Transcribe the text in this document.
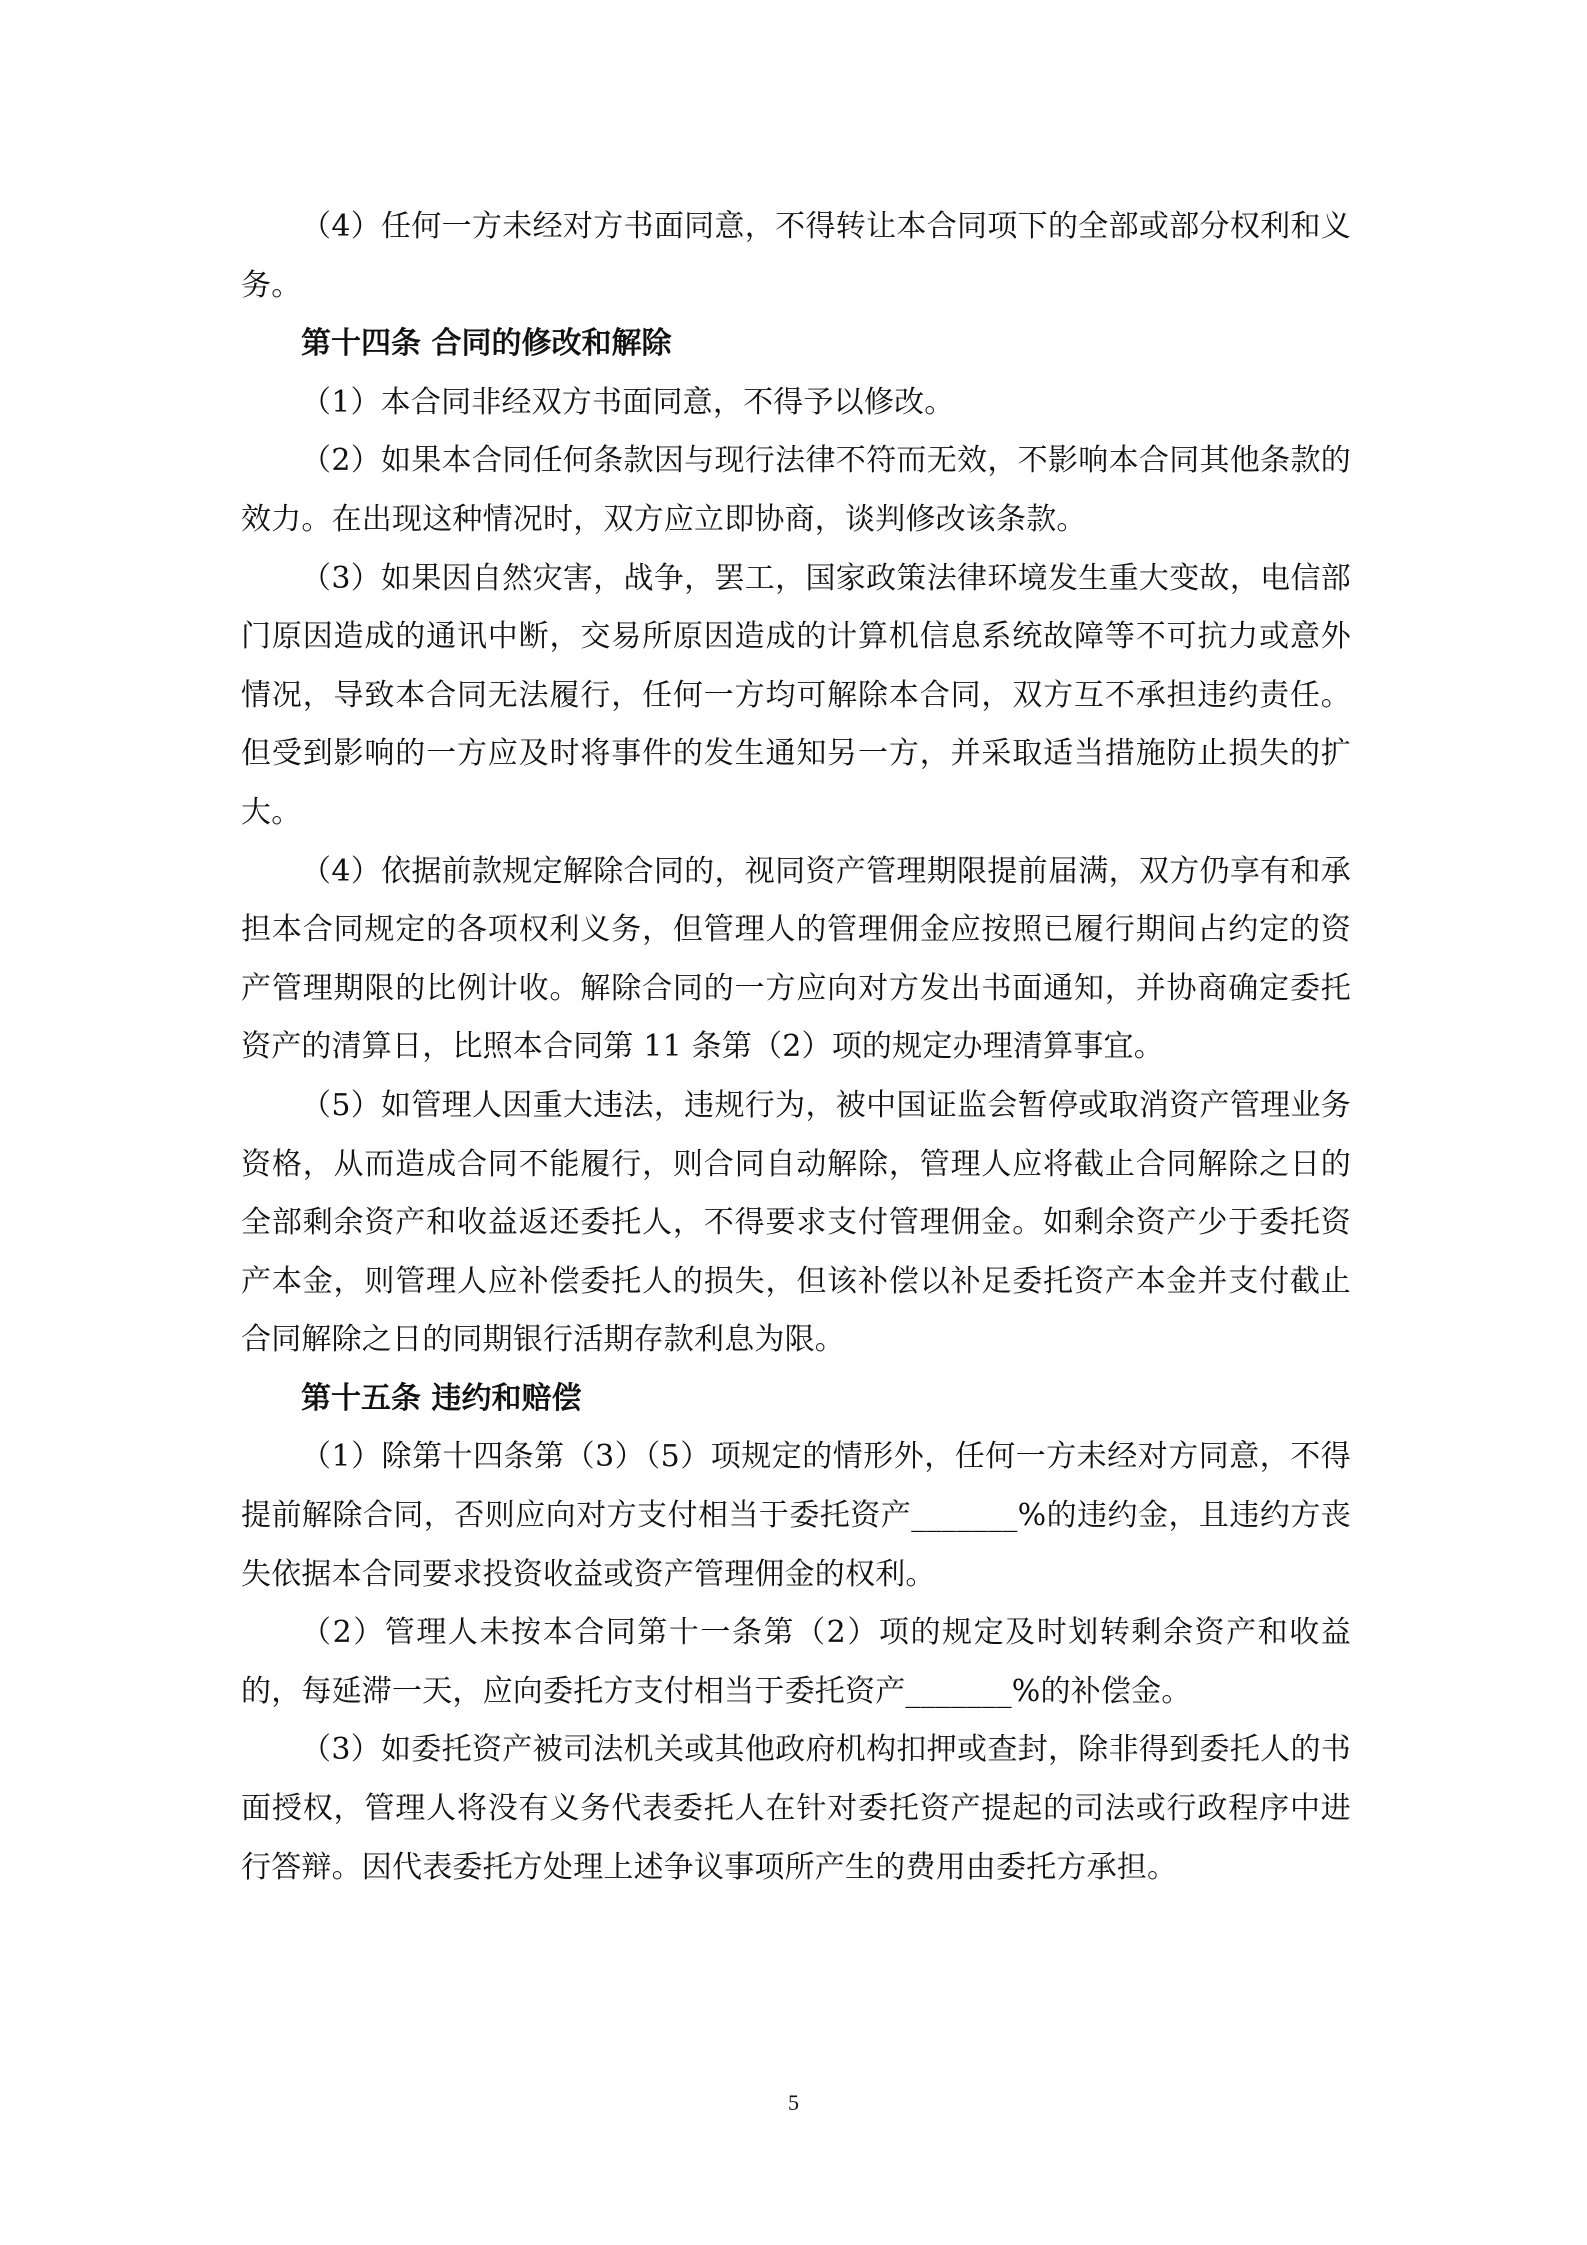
（4）任何一方未经对方书面同意，不得转让本合同项下的全部或部分权利和义务。

第十四条 合同的修改和解除

（1）本合同非经双方书面同意，不得予以修改。

（2）如果本合同任何条款因与现行法律不符而无效，不影响本合同其他条款的效力。在出现这种情况时，双方应立即协商，谈判修改该条款。

（3）如果因自然灾害，战争，罢工，国家政策法律环境发生重大变故，电信部门原因造成的通讯中断，交易所原因造成的计算机信息系统故障等不可抗力或意外情况，导致本合同无法履行，任何一方均可解除本合同，双方互不承担违约责任。但受到影响的一方应及时将事件的发生通知另一方，并采取适当措施防止损失的扩大。

（4）依据前款规定解除合同的，视同资产管理期限提前届满，双方仍享有和承担本合同规定的各项权利义务，但管理人的管理佣金应按照已履行期间占约定的资产管理期限的比例计收。解除合同的一方应向对方发出书面通知，并协商确定委托资产的清算日，比照本合同第 11 条第（2）项的规定办理清算事宜。

（5）如管理人因重大违法，违规行为，被中国证监会暂停或取消资产管理业务资格，从而造成合同不能履行，则合同自动解除，管理人应将截止合同解除之日的全部剩余资产和收益返还委托人，不得要求支付管理佣金。如剩余资产少于委托资产本金，则管理人应补偿委托人的损失，但该补偿以补足委托资产本金并支付截止合同解除之日的同期银行活期存款利息为限。

第十五条 违约和赔偿

（1）除第十四条第（3）（5）项规定的情形外，任何一方未经对方同意，不得提前解除合同，否则应向对方支付相当于委托资产_______%的违约金，且违约方丧失依据本合同要求投资收益或资产管理佣金的权利。

（2）管理人未按本合同第十一条第（2）项的规定及时划转剩余资产和收益的，每延滞一天，应向委托方支付相当于委托资产_______%的补偿金。

（3）如委托资产被司法机关或其他政府机构扣押或查封，除非得到委托人的书面授权，管理人将没有义务代表委托人在针对委托资产提起的司法或行政程序中进行答辩。因代表委托方处理上述争议事项所产生的费用由委托方承担。

5
